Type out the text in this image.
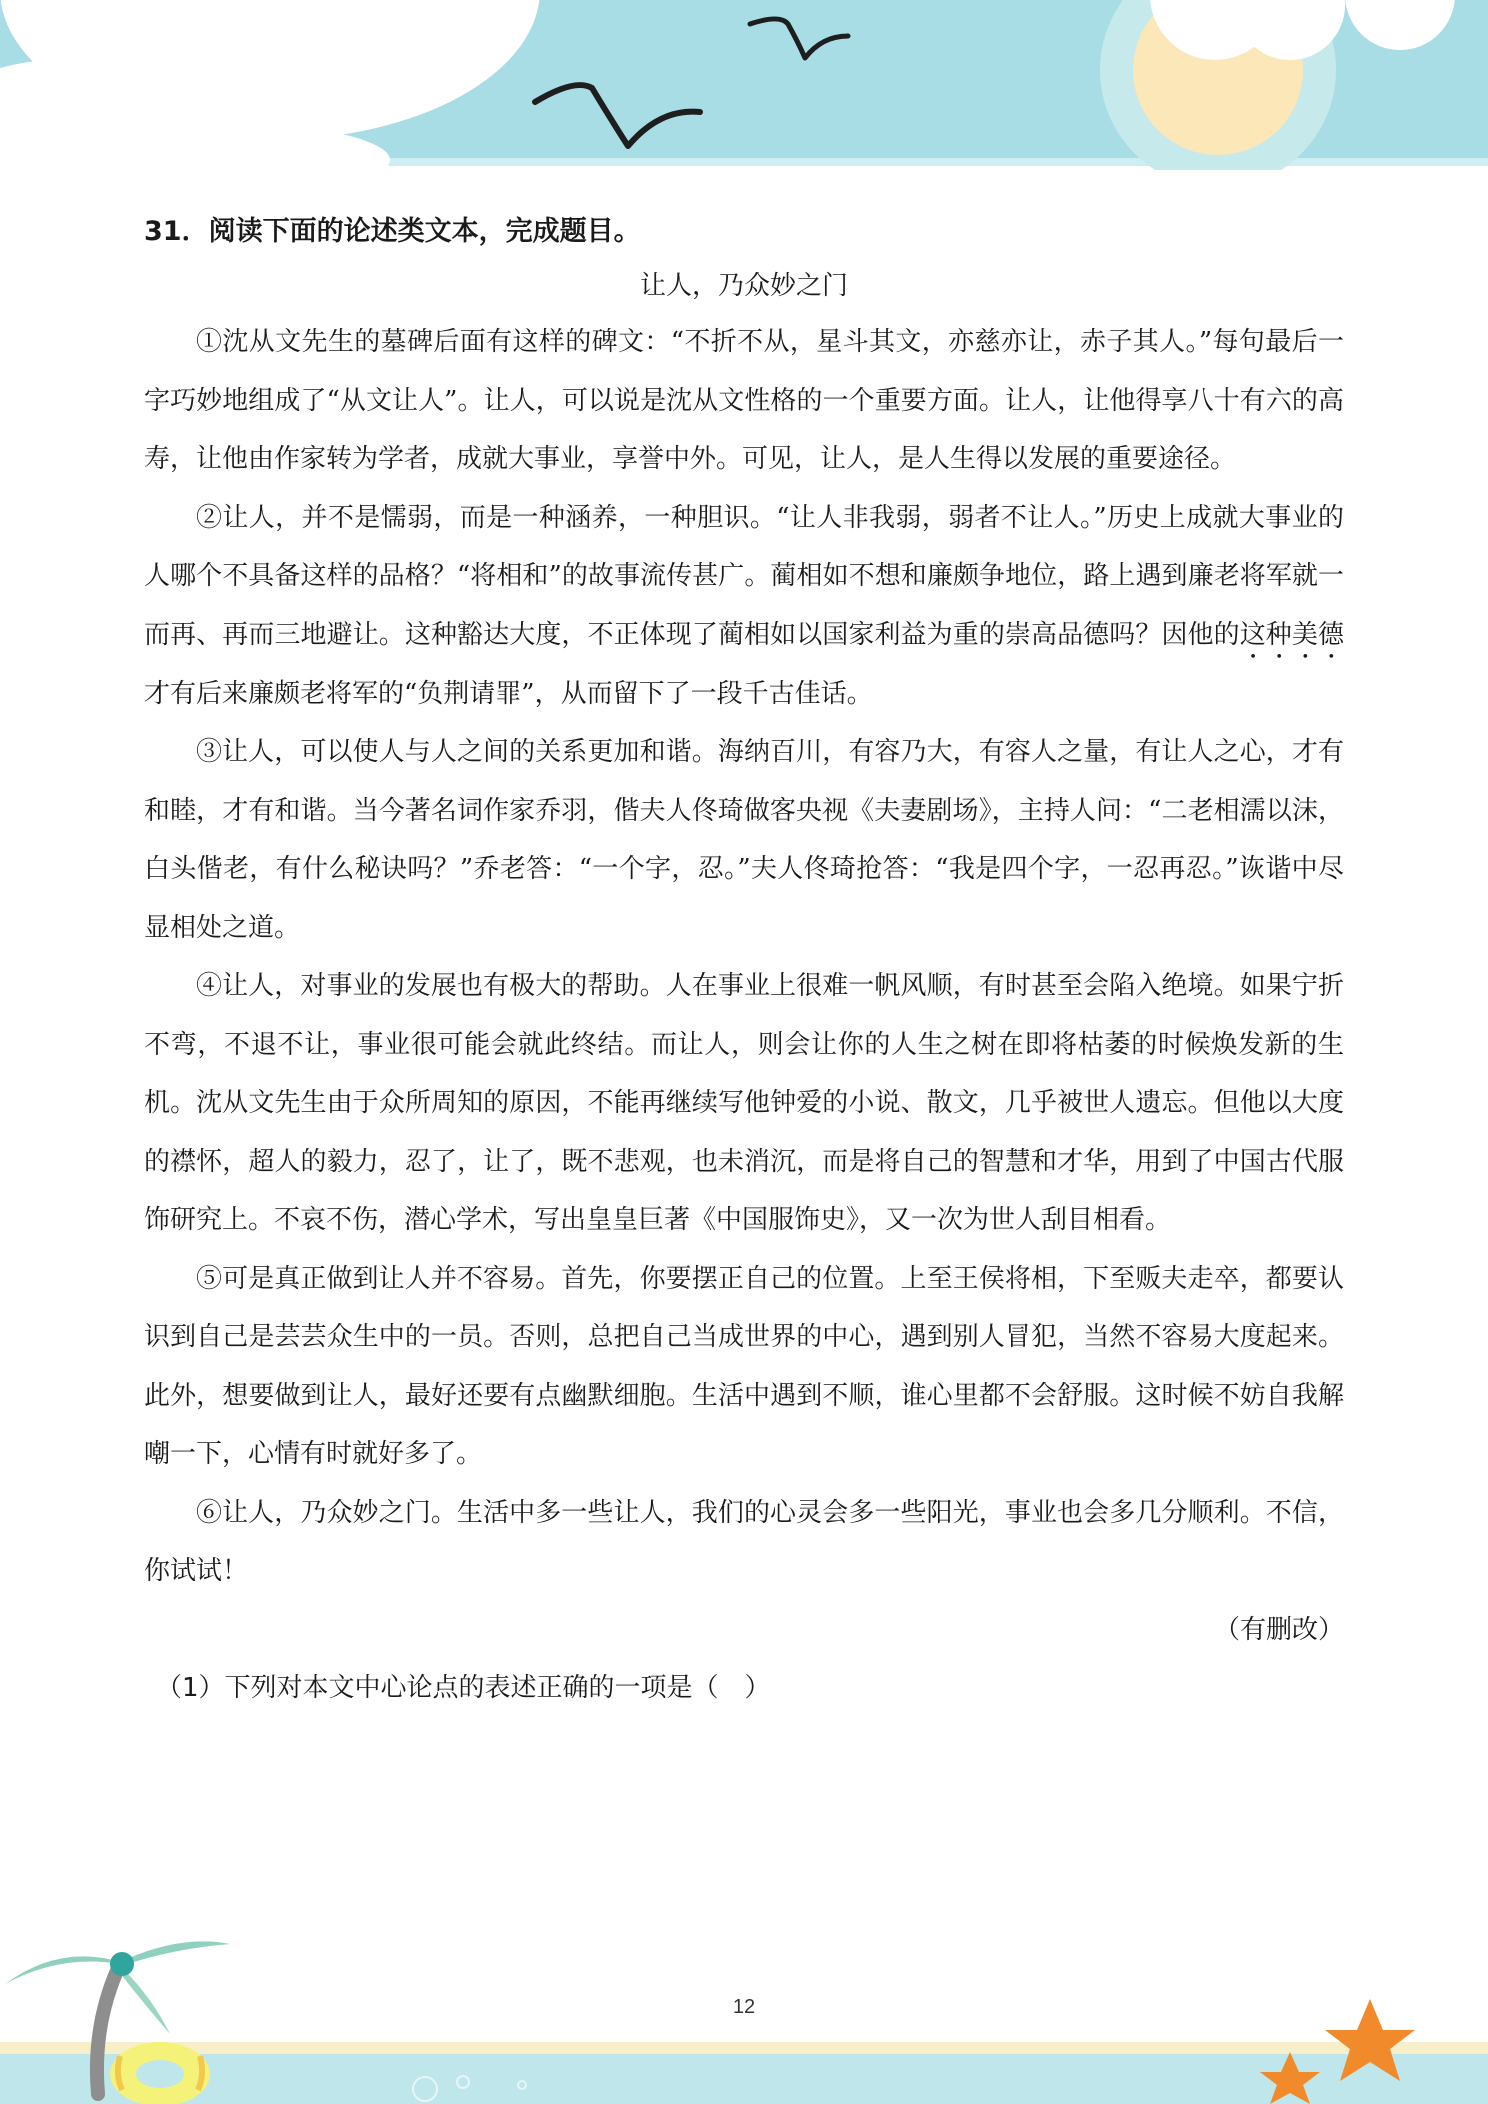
31．阅读下面的论述类文本，完成题目。

让人，乃众妙之门

①沈从文先生的墓碑后面有这样的碑文：“不折不从，星斗其文，亦慈亦让，赤子其人。”每句最后一字巧妙地组成了“从文让人”。让人，可以说是沈从文性格的一个重要方面。让人，让他得享八十有六的高寿，让他由作家转为学者，成就大事业，享誉中外。可见，让人，是人生得以发展的重要途径。

②让人，并不是懦弱，而是一种涵养，一种胆识。“让人非我弱，弱者不让人。”历史上成就大事业的人哪个不具备这样的品格？“将相和”的故事流传甚广。蔺相如不想和廉颇争地位，路上遇到廉老将军就一而再、再而三地避让。这种豁达大度，不正体现了蔺相如以国家利益为重的崇高品德吗？因他的这种美德才有后来廉颇老将军的“负荆请罪”，从而留下了一段千古佳话。

③让人，可以使人与人之间的关系更加和谐。海纳百川，有容乃大，有容人之量，有让人之心，才有和睦，才有和谐。当今著名词作家乔羽，偕夫人佟琦做客央视《夫妻剧场》，主持人问：“二老相濡以沫，白头偕老，有什么秘诀吗？”乔老答：“一个字，忍。”夫人佟琦抢答：“我是四个字，一忍再忍。”诙谐中尽显相处之道。

④让人，对事业的发展也有极大的帮助。人在事业上很难一帆风顺，有时甚至会陷入绝境。如果宁折不弯，不退不让，事业很可能会就此终结。而让人，则会让你的人生之树在即将枯萎的时候焕发新的生机。沈从文先生由于众所周知的原因，不能再继续写他钟爱的小说、散文，几乎被世人遗忘。但他以大度的襟怀，超人的毅力，忍了，让了，既不悲观，也未消沉，而是将自己的智慧和才华，用到了中国古代服饰研究上。不哀不伤，潜心学术，写出皇皇巨著《中国服饰史》，又一次为世人刮目相看。

⑤可是真正做到让人并不容易。首先，你要摆正自己的位置。上至王侯将相，下至贩夫走卒，都要认识到自己是芸芸众生中的一员。否则，总把自己当成世界的中心，遇到别人冒犯，当然不容易大度起来。此外，想要做到让人，最好还要有点幽默细胞。生活中遇到不顺，谁心里都不会舒服。这时候不妨自我解嘲一下，心情有时就好多了。

⑥让人，乃众妙之门。生活中多一些让人，我们的心灵会多一些阳光，事业也会多几分顺利。不信，你试试！

（有删改）

（1）下列对本文中心论点的表述正确的一项是（　）

12
